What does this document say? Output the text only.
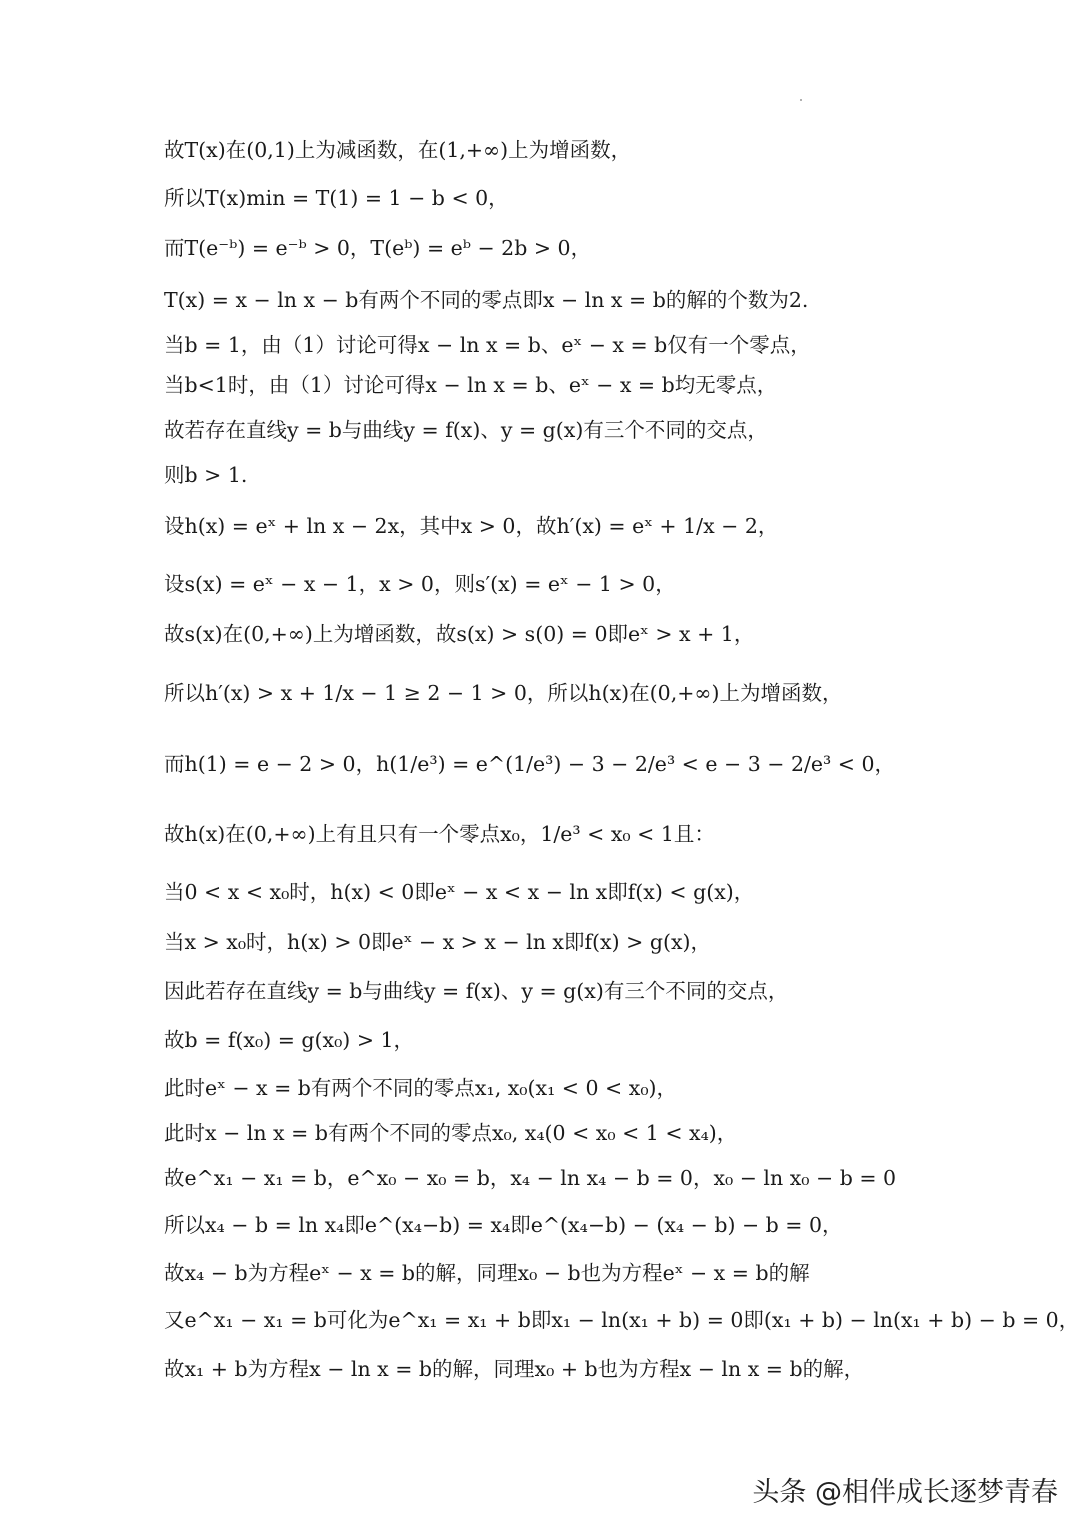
故T(x)在(0,1)上为减函数，在(1,+∞)上为增函数，
所以T(x)min = T(1) = 1 − b < 0，
而T(e⁻ᵇ) = e⁻ᵇ > 0，T(eᵇ) = eᵇ − 2b > 0，
T(x) = x − ln x − b有两个不同的零点即x − ln x = b的解的个数为2.
当b = 1，由（1）讨论可得x − ln x = b、eˣ − x = b仅有一个零点，
当b<1时，由（1）讨论可得x − ln x = b、eˣ − x = b均无零点，
故若存在直线y = b与曲线y = f(x)、y = g(x)有三个不同的交点，
则b > 1.
设h(x) = eˣ + ln x − 2x，其中x > 0，故h′(x) = eˣ + 1/x − 2，
设s(x) = eˣ − x − 1，x > 0，则s′(x) = eˣ − 1 > 0，
故s(x)在(0,+∞)上为增函数，故s(x) > s(0) = 0即eˣ > x + 1，
所以h′(x) > x + 1/x − 1 ≥ 2 − 1 > 0，所以h(x)在(0,+∞)上为增函数，
而h(1) = e − 2 > 0，h(1/e³) = e^(1/e³) − 3 − 2/e³ < e − 3 − 2/e³ < 0，
故h(x)在(0,+∞)上有且只有一个零点x₀，1/e³ < x₀ < 1且：
当0 < x < x₀时，h(x) < 0即eˣ − x < x − ln x即f(x) < g(x)，
当x > x₀时，h(x) > 0即eˣ − x > x − ln x即f(x) > g(x)，
因此若存在直线y = b与曲线y = f(x)、y = g(x)有三个不同的交点，
故b = f(x₀) = g(x₀) > 1，
此时eˣ − x = b有两个不同的零点x₁, x₀(x₁ < 0 < x₀)，
此时x − ln x = b有两个不同的零点x₀, x₄(0 < x₀ < 1 < x₄)，
故e^x₁ − x₁ = b，e^x₀ − x₀ = b，x₄ − ln x₄ − b = 0，x₀ − ln x₀ − b = 0
所以x₄ − b = ln x₄即e^(x₄−b) = x₄即e^(x₄−b) − (x₄ − b) − b = 0，
故x₄ − b为方程eˣ − x = b的解，同理x₀ − b也为方程eˣ − x = b的解
又e^x₁ − x₁ = b可化为e^x₁ = x₁ + b即x₁ − ln(x₁ + b) = 0即(x₁ + b) − ln(x₁ + b) − b = 0，
故x₁ + b为方程x − ln x = b的解，同理x₀ + b也为方程x − ln x = b的解，
头条 @相伴成长逐梦青春
